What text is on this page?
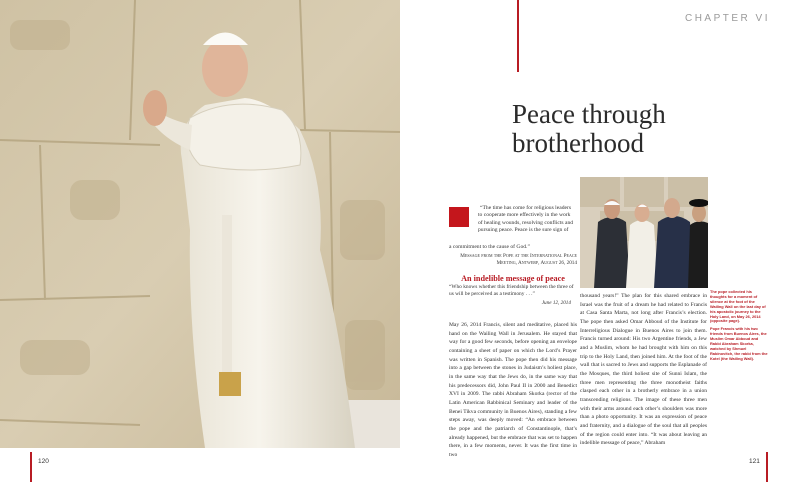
120
CHAPTER VI
Peace through
brotherhood
“The time has come for religious leaders to cooperate more effectively in the work of healing wounds, resolving conflicts and pursuing peace. Peace is the sure sign of
a commitment to the cause of God.”
Message from the Pope at the International Peace Meeting, Antwerp, August 26, 2014
An indelible message of peace
“Who knows whether this friendship between the three of us will be perceived as a testimony . . .”
June 12, 2014
May 26, 2014 Francis, silent and meditative, placed his hand on the Wailing Wall in Jerusalem. He stayed that way for a good few seconds, before opening an envelope containing a sheet of paper on which the Lord’s Prayer was written in Spanish. The pope then did his message into a gap between the stones in Judaism’s holiest place, in the same way that the Jews do, in the same way that his predecessors did, John Paul II in 2000 and Benedict XVI in 2009. The rabbi Abraham Skorka (rector of the Latin American Rabbinical Seminary and leader of the Benei Tikva community in Buenos Aires), standing a few steps away, was deeply moved: “An embrace between the pope and the patriarch of Constantinople, that’s already happened, but the embrace that was set to happen there, in a few moments, never. It was the first time in two

The pope collected his thoughts for a moment of silence at the foot of the Wailing Wall on the last day of his apostolic journey to the Holy Land, on May 26, 2014 (opposite page).

Pope Francis with his two friends from Buenos Aires, the Muslim Omar Abboud and Rabbi Abraham Skorka, watched by Shmuel Rabinovitch, the rabbi from the Kotel (the Wailing Wall).

thousand years!” The plan for this shared embrace in Israel was the fruit of a dream he had related to Francis at Casa Santa Marta, not long after Francis’s election. The pope then asked Omar Abboud of the Institute for Interreligious Dialogue in Buenos Aires to join them. Francis turned around: His two Argentine friends, a Jew and a Muslim, whom he had brought with him on this trip to the Holy Land, then joined him. At the foot of the wall that is sacred to Jews and supports the Esplanade of the Mosques, the third holiest site of Sunni Islam, the three men representing the three monotheist faiths clasped each other in a brotherly embrace in a union transcending religions. The image of these three men with their arms around each other’s shoulders was more than a photo opportunity. It was an expression of peace and fraternity, and a dialogue of the soul that all peoples of the region could enter into. “It was about leaving an indelible message of peace,” Abraham
121
